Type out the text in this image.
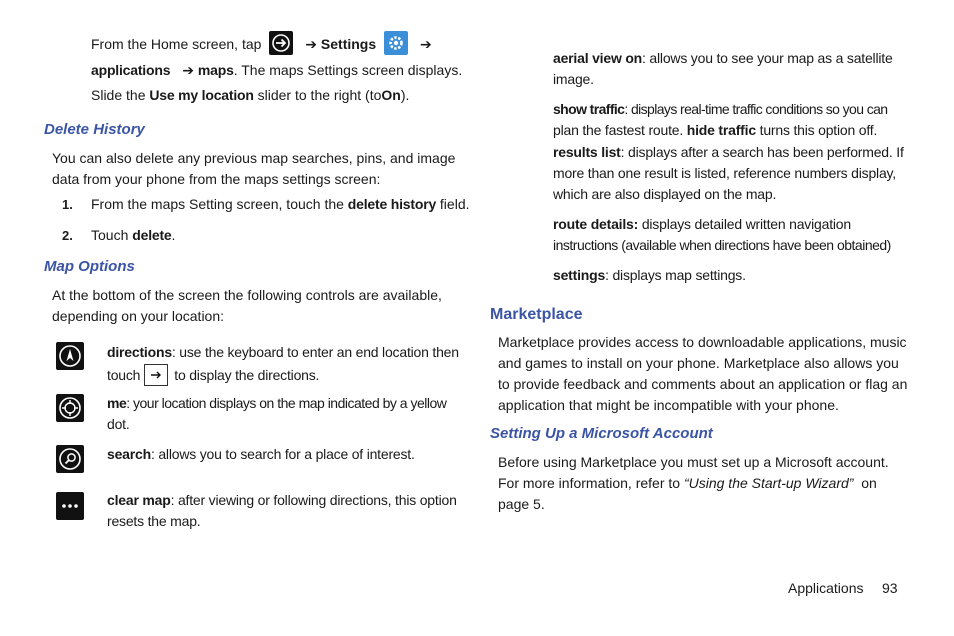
From the Home screen, tap	➔ Settings	➔
applications ➔ maps. The maps Settings screen displays.
Slide the Use my location slider to the right (toOn).
Delete History
You can also delete any previous map searches, pins, and image
data from your phone from the maps settings screen:
1. From the maps Setting screen, touch the delete history field.
2. Touch delete.
Map Options
At the bottom of the screen the following controls are available,
depending on your location:
directions: use the keyboard to enter an end location then
touch to display the directions.
me: your location displays on the map indicated by a yellow
dot.
search: allows you to search for a place of interest.
clear map: after viewing or following directions, this option
resets the map.
aerial view on: allows you to see your map as a satellite
image.
show traffic: displays real-time traffic conditions so you can
plan the fastest route. hide traffic turns this option off.
results list: displays after a search has been performed. If
more than one result is listed, reference numbers display,
which are also displayed on the map.
route details: displays detailed written navigation
instructions (available when directions have been obtained)
settings: displays map settings.
Marketplace
Marketplace provides access to downloadable applications, music
and games to install on your phone. Marketplace also allows you
to provide feedback and comments about an application or flag an
application that might be incompatible with your phone.
Setting Up a Microsoft Account
Before using Marketplace you must set up a Microsoft account.
For more information, refer to “Using the Start-up Wizard” on
page 5.
Applications 93
